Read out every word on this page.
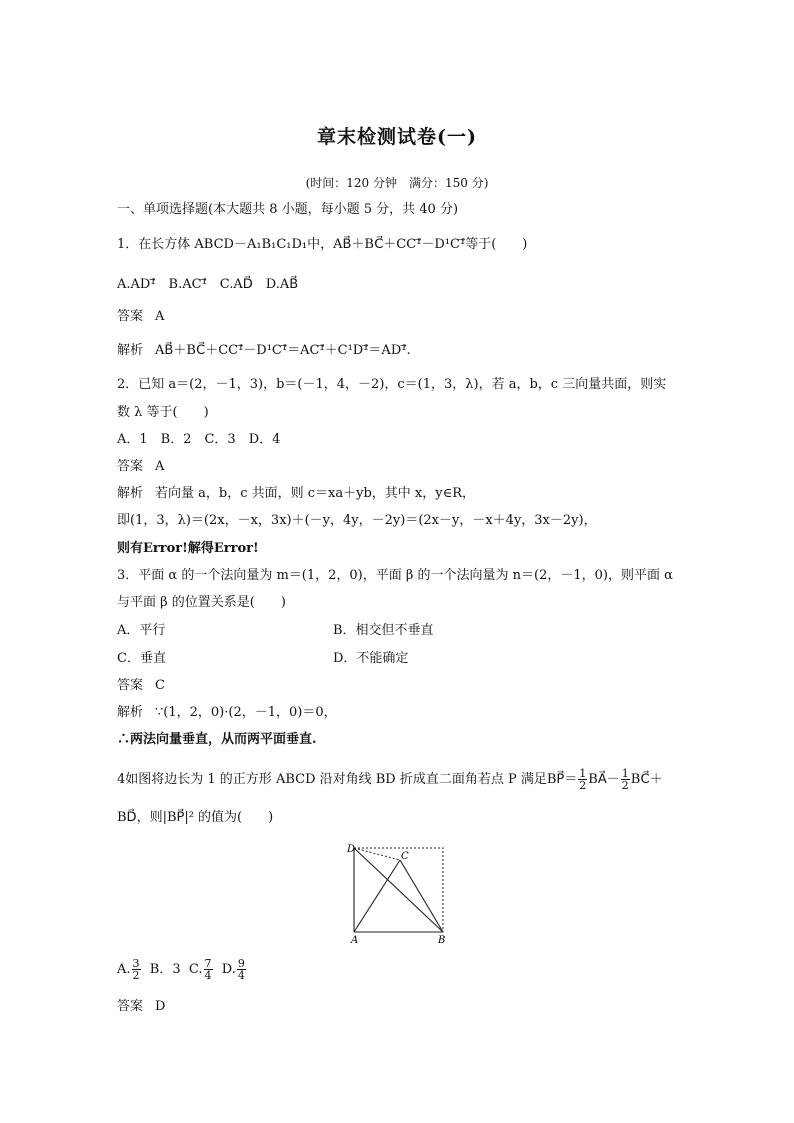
章末检测试卷(一)
(时间：120 分钟　满分：150 分)
一、单项选择题(本大题共 8 小题，每小题 5 分，共 40 分)
1．在长方体 ABCD－A₁B₁C₁D₁中，AB⃗＋BC⃗＋CC¹⃗－D¹C¹⃗等于(　　)
A.AD¹⃗　B.AC¹⃗　C.AD⃗　D.AB⃗
答案 A
解析 AB⃗＋BC⃗＋CC¹⃗－D¹C¹⃗＝AC¹⃗＋C¹D¹⃗＝AD¹⃗.
2．已知 a＝(2，－1，3)，b＝(－1，4，－2)，c＝(1，3，λ)，若 a，b，c 三向量共面，则实
数 λ 等于(　　)
A．1　B．2　C．3　D．4
答案 A
解析 若向量 a，b，c 共面，则 c＝xa＋yb，其中 x，y∈R，
即(1，3，λ)＝(2x，－x，3x)＋(－y，4y，－2y)＝(2x－y，－x＋4y，3x－2y)，
则有Error!解得Error!
3．平面 α 的一个法向量为 m＝(1，2，0)，平面 β 的一个法向量为 n＝(2，－1，0)，则平面 α
与平面 β 的位置关系是(　　)
A．平行	B．相交但不垂直
C．垂直	D．不能确定
答案 C
解析 ∵(1，2，0)·(2，－1，0)＝0，
∴两法向量垂直，从而两平面垂直.
4如图将边长为 1 的正方形 ABCD 沿对角线 BD 折成直二面角若点 P 满足BP⃗＝ $\frac{1}{2}$ BA⃗－ $\frac{1}{2}$ BC⃗＋
BD⃗，则|BP⃗|² 的值为(　　)
D
C
A	B
A. $\frac{3}{2}$ B．3 C. $\frac{7}{4} D$. $\frac{9}{4}$
答案 D
